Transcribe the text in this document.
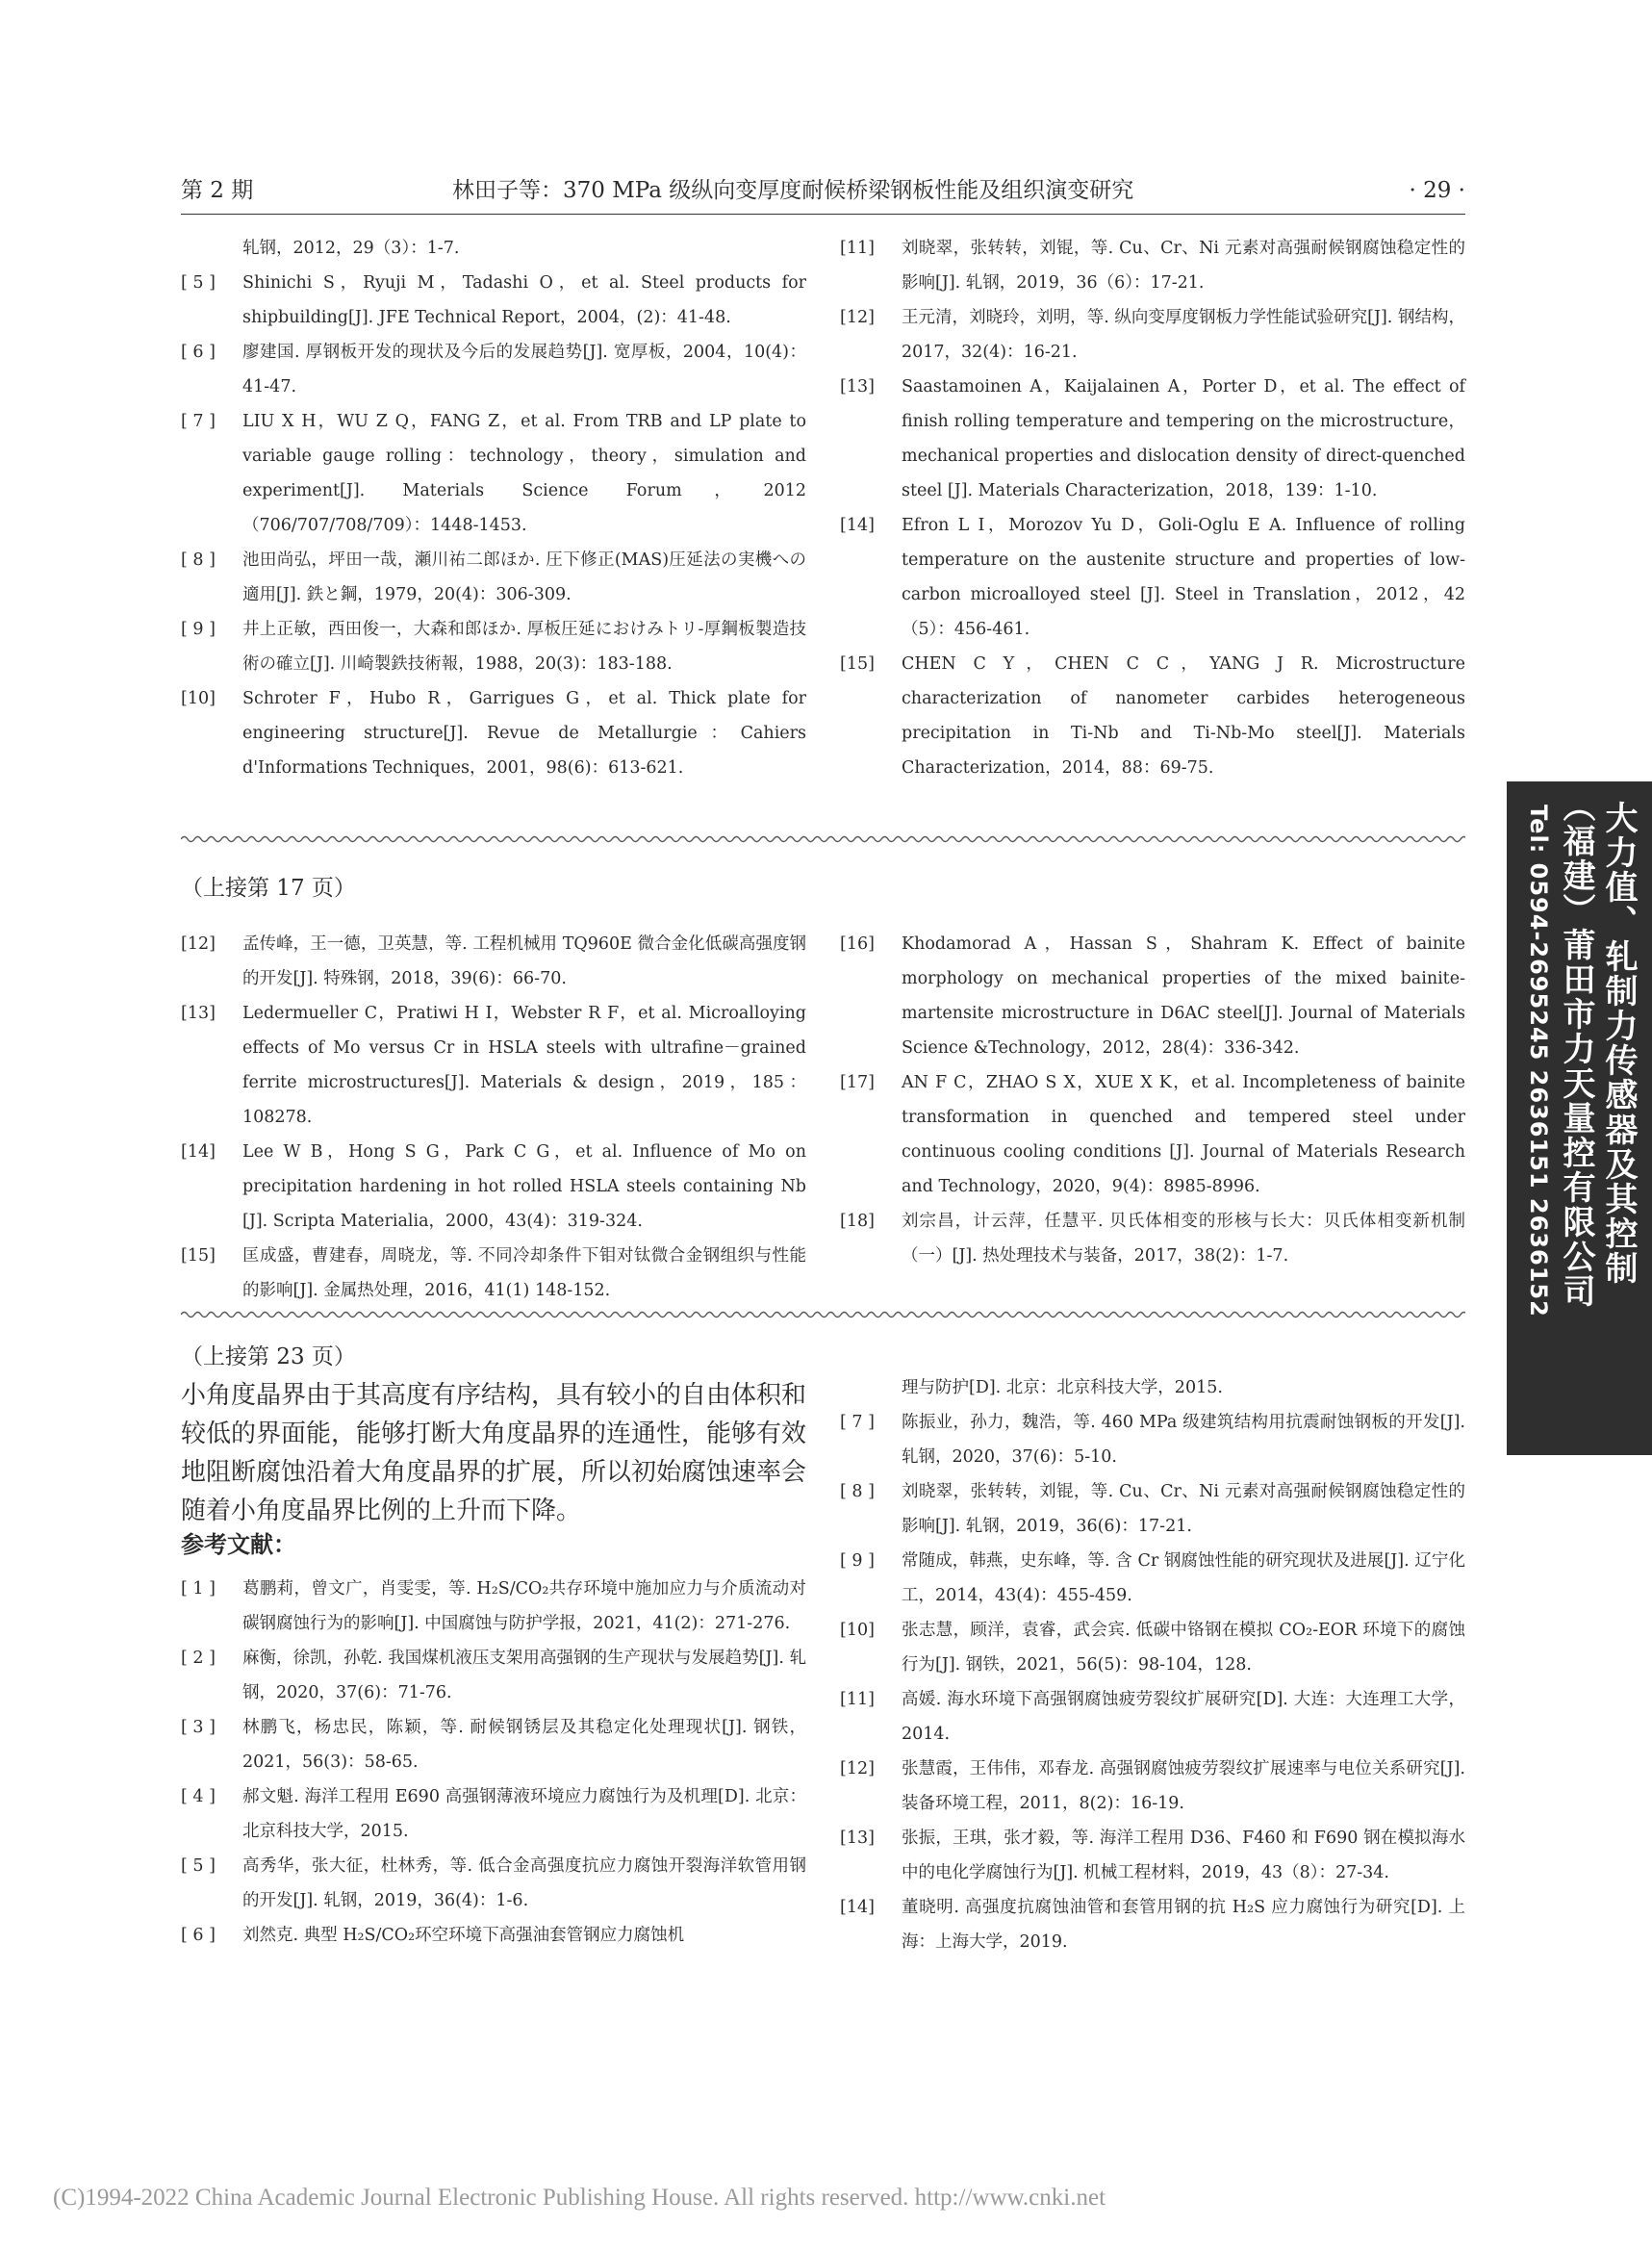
第 2 期	林田子等：370 MPa 级纵向变厚度耐候桥梁钢板性能及组织演变研究	· 29 ·
轧钢，2012，29（3）：1-7.
[ 5 ]	Shinichi S，Ryuji M，Tadashi O，et al. Steel products for shipbuilding[J]. JFE Technical Report，2004，(2)：41-48.
[ 6 ]	廖建国. 厚钢板开发的现状及今后的发展趋势[J]. 宽厚板，2004，10(4)：41-47.
[ 7 ]	LIU X H，WU Z Q，FANG Z，et al. From TRB and LP plate to variable gauge rolling：technology，theory，simulation and experiment[J]. Materials Science Forum，2012（706/707/708/709）：1448-1453.
[ 8 ]	池田尚弘，坪田一哉，瀬川祐二郎ほか. 圧下修正(MAS)圧延法の実機への適用[J]. 鉄と鋼，1979，20(4)：306-309.
[ 9 ]	井上正敏，西田俊一，大森和郎ほか. 厚板圧延におけみトリ-厚鋼板製造技術の確立[J]. 川崎製鉄技術報，1988，20(3)：183-188.
[10]	Schroter F，Hubo R，Garrigues G，et al. Thick plate for engineering structure[J]. Revue de Metallurgie：Cahiers d'Informations Techniques，2001，98(6)：613-621.
[11]	刘晓翠，张转转，刘锟，等. Cu、Cr、Ni 元素对高强耐候钢腐蚀稳定性的影响[J]. 轧钢，2019，36（6）：17-21.
[12]	王元清，刘晓玲，刘明，等. 纵向变厚度钢板力学性能试验研究[J]. 钢结构，2017，32(4)：16-21.
[13]	Saastamoinen A，Kaijalainen A，Porter D，et al. The effect of finish rolling temperature and tempering on the microstructure，mechanical properties and dislocation density of direct-quenched steel [J]. Materials Characterization，2018，139：1-10.
[14]	Efron L I，Morozov Yu D，Goli-Oglu E A. Influence of rolling temperature on the austenite structure and properties of low-carbon microalloyed steel [J]. Steel in Translation，2012，42（5）：456-461.
[15]	CHEN C Y，CHEN C C，YANG J R. Microstructure characterization of nanometer carbides heterogeneous precipitation in Ti-Nb and Ti-Nb-Mo steel[J]. Materials Characterization，2014，88：69-75.
（上接第 17 页）
[12]	孟传峰，王一德，卫英慧，等. 工程机械用 TQ960E 微合金化低碳高强度钢的开发[J]. 特殊钢，2018，39(6)：66-70.
[13]	Ledermueller C，Pratiwi H I，Webster R F，et al. Microalloying effects of Mo versus Cr in HSLA steels with ultrafine－grained ferrite microstructures[J]. Materials & design，2019，185：108278.
[14]	Lee W B，Hong S G，Park C G，et al. Influence of Mo on precipitation hardening in hot rolled HSLA steels containing Nb [J]. Scripta Materialia，2000，43(4)：319-324.
[15]	匡成盛，曹建春，周晓龙，等. 不同冷却条件下钼对钛微合金钢组织与性能的影响[J]. 金属热处理，2016，41(1) 148-152.
[16]	Khodamorad A，Hassan S，Shahram K. Effect of bainite morphology on mechanical properties of the mixed bainite-martensite microstructure in D6AC steel[J]. Journal of Materials Science &Technology，2012，28(4)：336-342.
[17]	AN F C，ZHAO S X，XUE X K，et al. Incompleteness of bainite transformation in quenched and tempered steel under continuous cooling conditions [J]. Journal of Materials Research and Technology，2020，9(4)：8985-8996.
[18]	刘宗昌，计云萍，任慧平. 贝氏体相变的形核与长大：贝氏体相变新机制（一）[J]. 热处理技术与装备，2017，38(2)：1-7.
（上接第 23 页）
小角度晶界由于其高度有序结构，具有较小的自由体积和较低的界面能，能够打断大角度晶界的连通性，能够有效地阻断腐蚀沿着大角度晶界的扩展，所以初始腐蚀速率会随着小角度晶界比例的上升而下降。
参考文献：
[ 1 ]	葛鹏莉，曾文广，肖雯雯，等. H₂S/CO₂共存环境中施加应力与介质流动对碳钢腐蚀行为的影响[J]. 中国腐蚀与防护学报，2021，41(2)：271-276.
[ 2 ]	麻衡，徐凯，孙乾. 我国煤机液压支架用高强钢的生产现状与发展趋势[J]. 轧钢，2020，37(6)：71-76.
[ 3 ]	林鹏飞，杨忠民，陈颖，等. 耐候钢锈层及其稳定化处理现状[J]. 钢铁，2021，56(3)：58-65.
[ 4 ]	郝文魁. 海洋工程用 E690 高强钢薄液环境应力腐蚀行为及机理[D]. 北京：北京科技大学，2015.
[ 5 ]	高秀华，张大征，杜林秀，等. 低合金高强度抗应力腐蚀开裂海洋软管用钢的开发[J]. 轧钢，2019，36(4)：1-6.
[ 6 ]	刘然克. 典型 H₂S/CO₂环空环境下高强油套管钢应力腐蚀机
理与防护[D]. 北京：北京科技大学，2015.
[ 7 ]	陈振业，孙力，魏浩，等. 460 MPa 级建筑结构用抗震耐蚀钢板的开发[J]. 轧钢，2020，37(6)：5-10.
[ 8 ]	刘晓翠，张转转，刘锟，等. Cu、Cr、Ni 元素对高强耐候钢腐蚀稳定性的影响[J]. 轧钢，2019，36(6)：17-21.
[ 9 ]	常随成，韩燕，史东峰，等. 含 Cr 钢腐蚀性能的研究现状及进展[J]. 辽宁化工，2014，43(4)：455-459.
[10]	张志慧，顾洋，袁睿，武会宾. 低碳中铬钢在模拟 CO₂-EOR 环境下的腐蚀行为[J]. 钢铁，2021，56(5)：98-104，128.
[11]	高媛. 海水环境下高强钢腐蚀疲劳裂纹扩展研究[D]. 大连：大连理工大学，2014.
[12]	张慧霞，王伟伟，邓春龙. 高强钢腐蚀疲劳裂纹扩展速率与电位关系研究[J]. 装备环境工程，2011，8(2)：16-19.
[13]	张振，王琪，张才毅，等. 海洋工程用 D36、F460 和 F690 钢在模拟海水中的电化学腐蚀行为[J]. 机械工程材料，2019，43（8）：27-34.
[14]	董晓明. 高强度抗腐蚀油管和套管用钢的抗 H₂S 应力腐蚀行为研究[D]. 上海：上海大学，2019.
大力值、轧制力传感器及其控制
（福建）莆田市力天量控有限公司
Tel: 0594-2695245 2636151 2636152
(C)1994-2022 China Academic Journal Electronic Publishing House. All rights reserved. http://www.cnki.net
